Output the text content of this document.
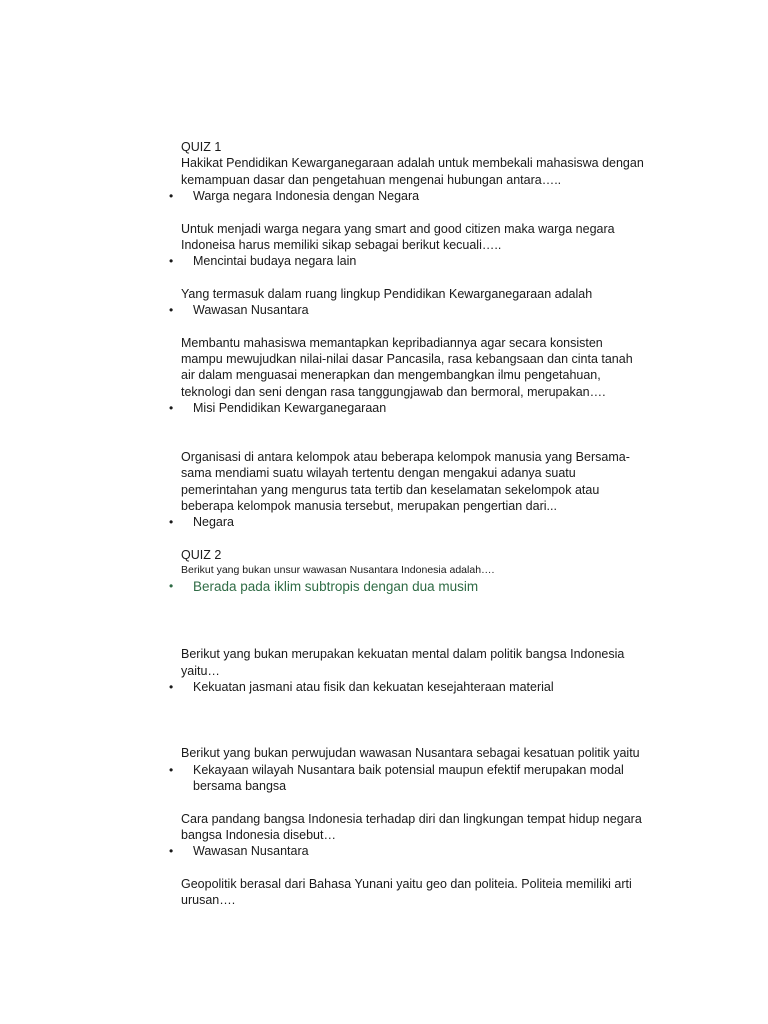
QUIZ 1

Hakikat Pendidikan Kewarganegaraan adalah untuk membekali mahasiswa dengan

kemampuan dasar dan pengetahuan mengenai hubungan antara…..

• Warga negara Indonesia dengan Negara

Untuk menjadi warga negara yang smart and good citizen maka warga negara

Indoneisa harus memiliki sikap sebagai berikut kecuali…..

• Mencintai budaya negara lain

Yang termasuk dalam ruang lingkup Pendidikan Kewarganegaraan adalah

• Wawasan Nusantara

Membantu mahasiswa memantapkan kepribadiannya agar secara konsisten

mampu mewujudkan nilai-nilai dasar Pancasila, rasa kebangsaan dan cinta tanah

air dalam menguasai menerapkan dan mengembangkan ilmu pengetahuan,

teknologi dan seni dengan rasa tanggungjawab dan bermoral, merupakan….

• Misi Pendidikan Kewarganegaraan

Organisasi di antara kelompok atau beberapa kelompok manusia yang Bersama-

sama mendiami suatu wilayah tertentu dengan mengakui adanya suatu

pemerintahan yang mengurus tata tertib dan keselamatan sekelompok atau

beberapa kelompok manusia tersebut, merupakan pengertian dari...

• Negara

QUIZ 2

Berikut yang bukan unsur wawasan Nusantara Indonesia adalah….

• Berada pada iklim subtropis dengan dua musim

Berikut yang bukan merupakan kekuatan mental dalam politik bangsa Indonesia

yaitu…

• Kekuatan jasmani atau fisik dan kekuatan kesejahteraan material

Berikut yang bukan perwujudan wawasan Nusantara sebagai kesatuan politik yaitu

• Kekayaan wilayah Nusantara baik potensial maupun efektif merupakan modal

bersama bangsa

Cara pandang bangsa Indonesia terhadap diri dan lingkungan tempat hidup negara

bangsa Indonesia disebut…

• Wawasan Nusantara

Geopolitik berasal dari Bahasa Yunani yaitu geo dan politeia. Politeia memiliki arti

urusan….
